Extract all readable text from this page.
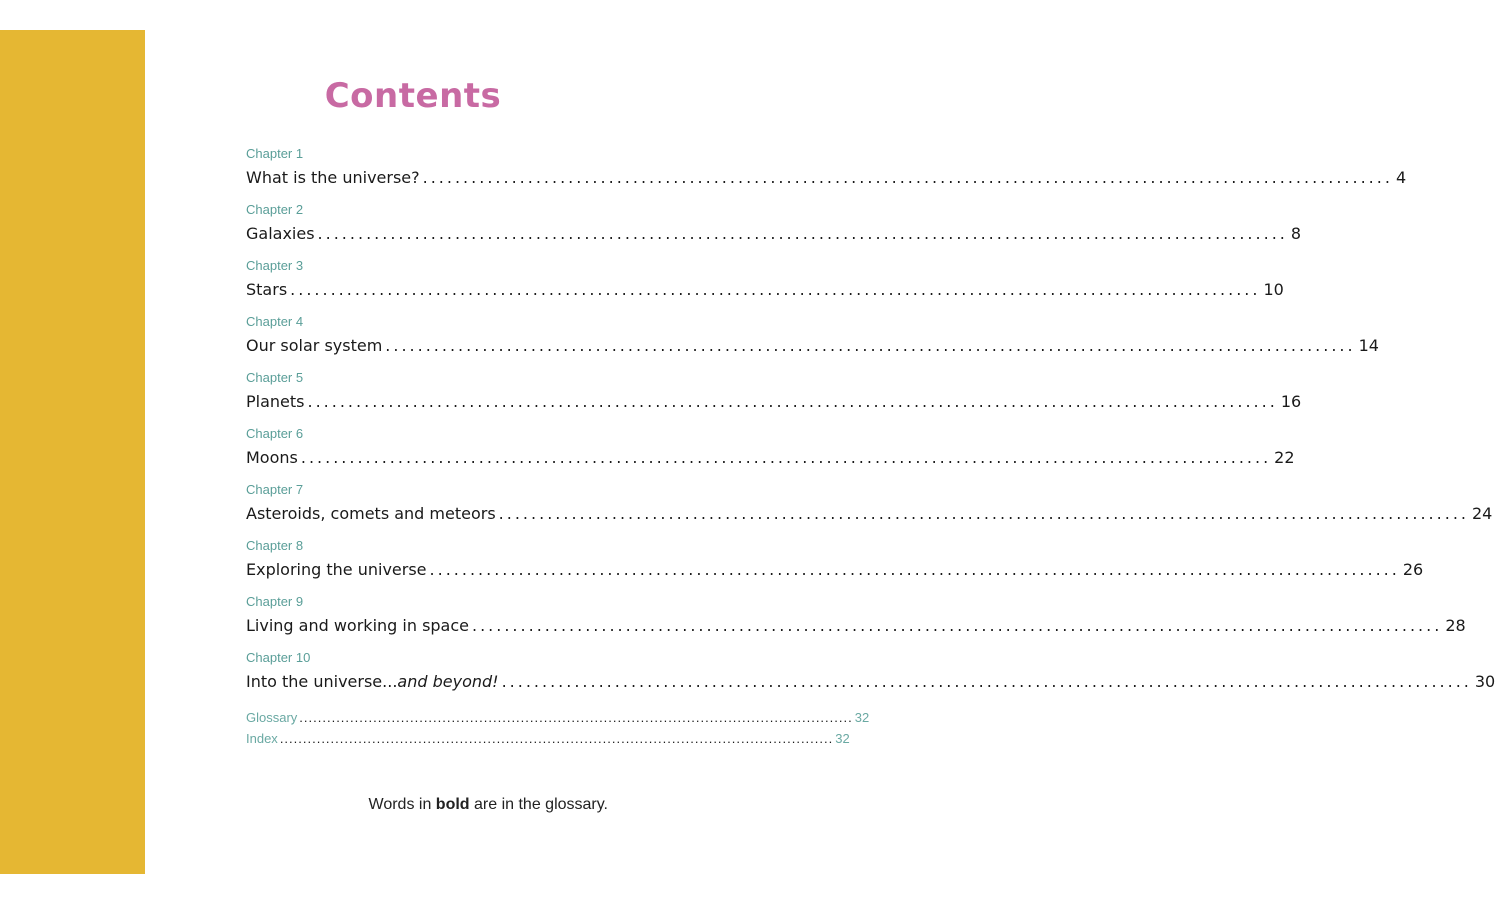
Contents
Chapter 1
What is the universe? ........................................................................................................................ 4
Chapter 2
Galaxies ........................................................................................................................ 8
Chapter 3
Stars ........................................................................................................................ 10
Chapter 4
Our solar system ........................................................................................................................ 14
Chapter 5
Planets ........................................................................................................................ 16
Chapter 6
Moons ........................................................................................................................ 22
Chapter 7
Asteroids, comets and meteors ........................................................................................................................ 24
Chapter 8
Exploring the universe ........................................................................................................................ 26
Chapter 9
Living and working in space ........................................................................................................................ 28
Chapter 10
Into the universe...and beyond! ........................................................................................................................ 30
Glossary ........................................................................................................................ 32
Index ........................................................................................................................ 32
Words in bold are in the glossary.
